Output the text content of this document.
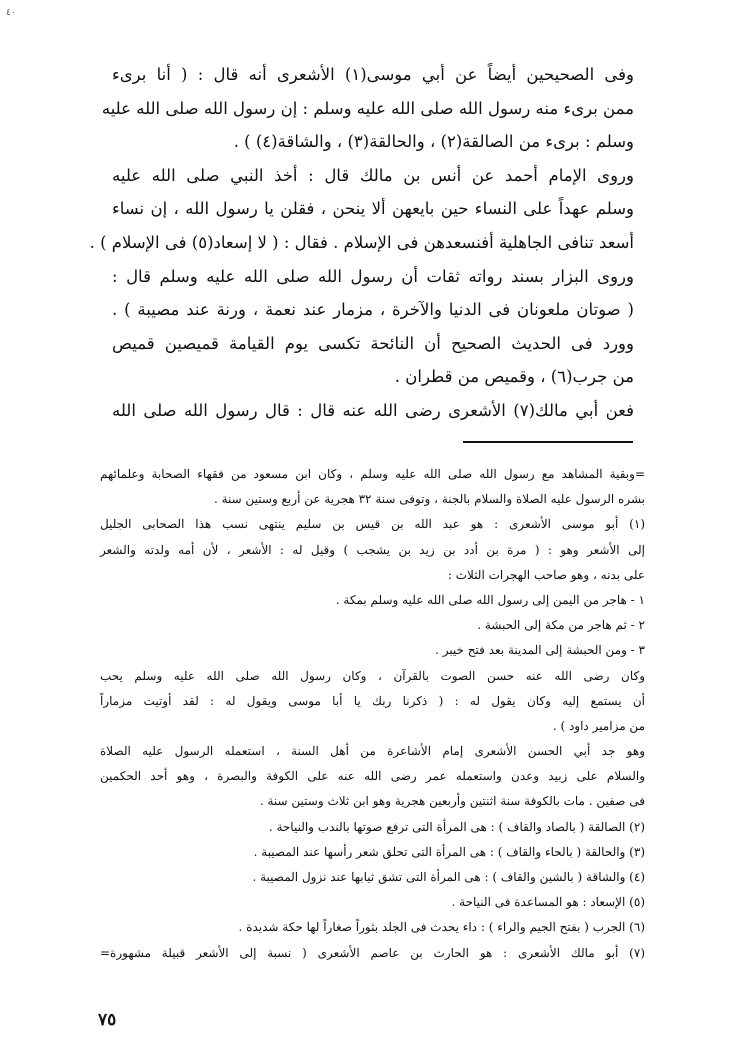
٤٠
وفى الصحيحين أيضاً عن أبي موسى(١) الأشعرى أنه قال : ( أنا برىء
ممن برىء منه رسول الله صلى الله عليه وسلم : إن رسول الله صلى الله عليه
وسلم : برىء من الصالقة(٢) ، والحالقة(٣) ، والشاقة(٤) ) .
وروى الإمام أحمد عن أنس بن مالك قال : أخذ النبي صلى الله عليه
وسلم عهداً على النساء حين بايعهن ألا ينحن ، فقلن يا رسول الله ، إن نساء
أسعد تنافى الجاهلية أفنسعدهن فى الإسلام . فقال : ( لا إسعاد(٥) فى الإسلام ) .
وروى البزار بسند رواته ثقات أن رسول الله صلى الله عليه وسلم قال :
( صوتان ملعونان فى الدنيا والآخرة ، مزمار عند نعمة ، ورنة عند مصيبة ) .
وورد فى الحديث الصحيح أن النائحة تكسى يوم القيامة قميصين قميص
من جرب(٦) ، وقميص من قطران .
فعن أبي مالك(٧) الأشعرى رضى الله عنه قال : قال رسول الله صلى الله
=وبقية المشاهد مع رسول الله صلى الله عليه وسلم ، وكان ابن مسعود من فقهاء الصحابة وعلمائهم
بشره الرسول عليه الصلاة والسلام بالجنة ، وتوفى سنة ٣٢ هجرية عن أربع وستين سنة .
(١) أبو موسى الأشعرى : هو عبد الله بن قيس بن سليم ينتهى نسب هذا الصحابى الجليل
إلى الأشعر وهو : ( مرة بن أدد بن زيد بن يشجب ) وقيل له : الأشعر ، لأن أمه ولدته والشعر
على بدنه ، وهو صاحب الهجرات الثلاث :
١ - هاجر من اليمن إلى رسول الله صلى الله عليه وسلم بمكة .
٢ - ثم هاجر من مكة إلى الحبشة .
٣ - ومن الحبشة إلى المدينة بعد فتح خيبر .
وكان رضى الله عنه حسن الصوت بالقرآن ، وكان رسول الله صلى الله عليه وسلم يحب
أن يستمع إليه وكان يقول له : ( ذكرنا ربك يا أبا موسى ويقول له : لقد أوتيت مزماراً
من مزامير داود ) .
وهو جد أبي الحسن الأشعرى إمام الأشاعرة من أهل السنة ، استعمله الرسول عليه الصلاة
والسلام على زبيد وعدن واستعمله عمر رضى الله عنه على الكوفة والبصرة ، وهو أحد الحكمين
فى صفين . مات بالكوفة سنة اثنتين وأربعين هجرية وهو ابن ثلاث وستين سنة .
(٢) الصالقة ( بالصاد والقاف ) : هى المرأة التى ترفع صوتها بالندب والنياحة .
(٣) والحالقة ( بالحاء والقاف ) : هى المرأة التى تحلق شعر رأسها عند المصيبة .
(٤) والشاقة ( بالشين والقاف ) : هى المرأة التى تشق ثيابها عند نزول المصيبة .
(٥) الإسعاد : هو المساعدة فى النياحة .
(٦) الجرب ( بفتح الجيم والراء ) : داء يحدث فى الجلد بثوراً صغاراً لها حكة شديدة .
(٧) أبو مالك الأشعرى : هو الحارث بن عاصم الأشعرى ( نسبة إلى الأشعر قبيلة مشهورة=
٧٥
